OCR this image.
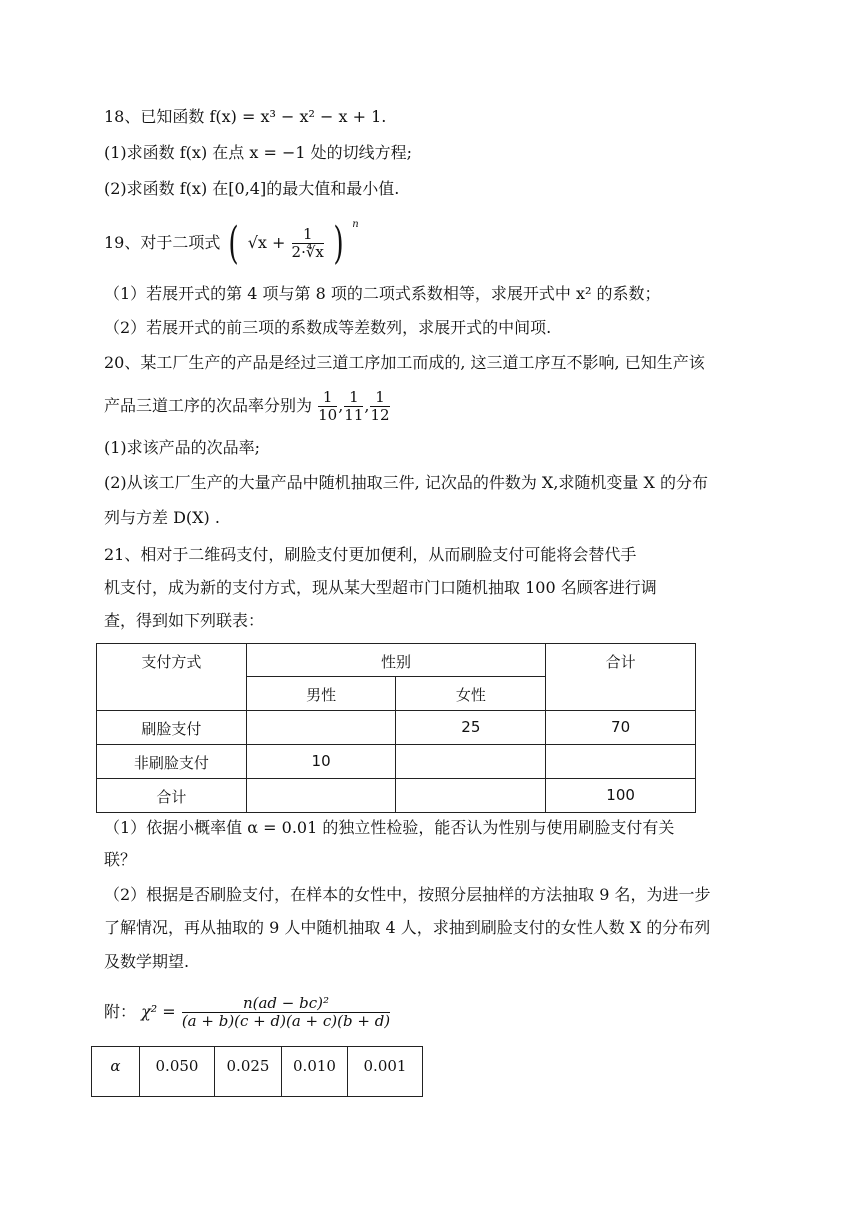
18、已知函数 f(x) = x³ − x² − x + 1.
(1)求函数 f(x) 在点 x = −1 处的切线方程;
(2)求函数 f(x) 在[0,4]的最大值和最小值.
19、对于二项式 ( $√x + \frac{1}{2\cdot∜x}$ ) $^n$
（1）若展开式的第 4 项与第 8 项的二项式系数相等，求展开式中 x² 的系数；
（2）若展开式的前三项的系数成等差数列，求展开式的中间项.
20、某工厂生产的产品是经过三道工序加工而成的, 这三道工序互不影响, 已知生产该
产品三道工序的次品率分别为 $\frac{1}{10}$ , $\frac{1}{11}$ , $\frac{1}{12}$
(1)求该产品的次品率;
(2)从该工厂生产的大量产品中随机抽取三件, 记次品的件数为 X,求随机变量 X 的分布
列与方差 D(X) .
21、相对于二维码支付，刷脸支付更加便利，从而刷脸支付可能将会替代手
机支付，成为新的支付方式，现从某大型超市门口随机抽取 100 名顾客进行调
查，得到如下列联表：
支付方式	性别		合计
	男性	女性	
刷脸支付		25	70
非刷脸支付	10		
合计			100
（1）依据小概率值 α = 0.01 的独立性检验，能否认为性别与使用刷脸支付有关
联？
（2）根据是否刷脸支付，在样本的女性中，按照分层抽样的方法抽取 9 名，为进一步
了解情况，再从抽取的 9 人中随机抽取 4 人，求抽到刷脸支付的女性人数 X 的分布列
及数学期望.
附： $\chi^2 = \frac{\text{n(ad − bc)²}}{(a + b)(c + d)(a + c)(b + d)}$
α	0.050	0.025	0.010	0.001
